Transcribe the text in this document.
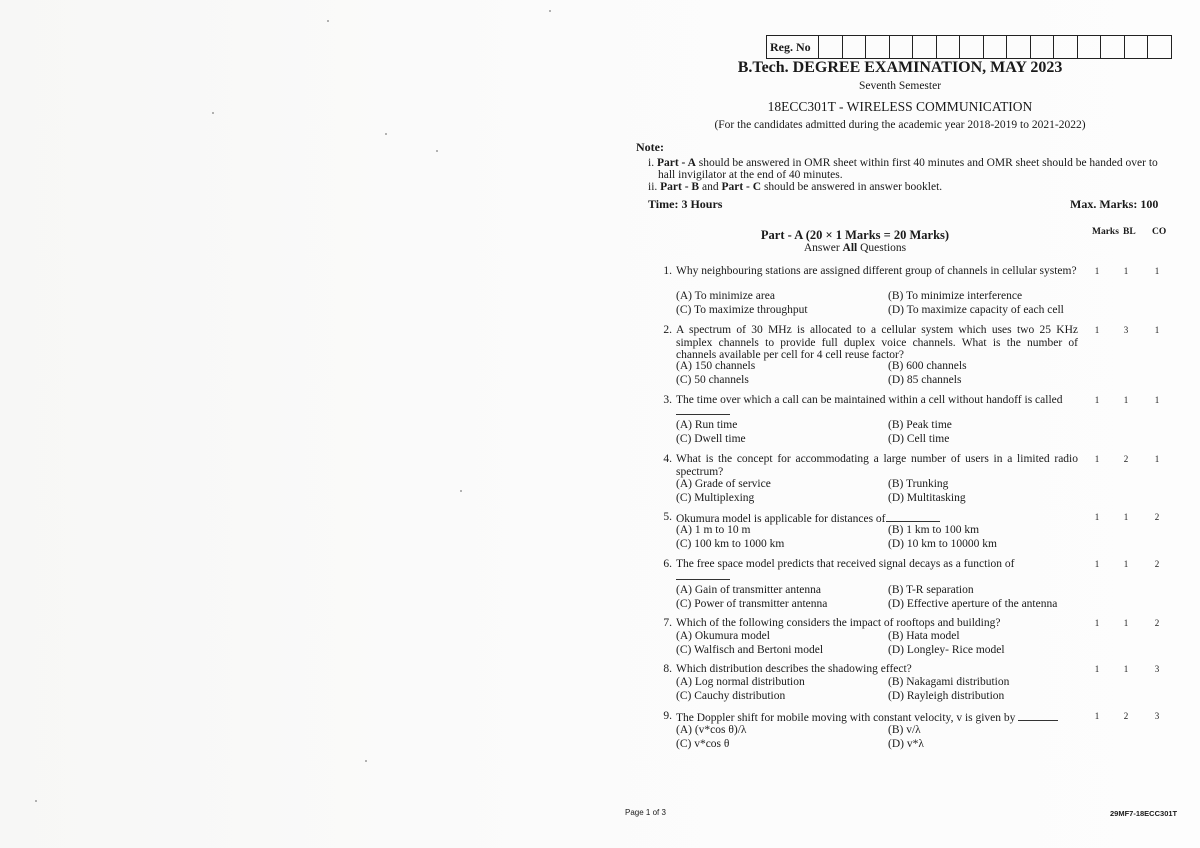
Reg. No
B.Tech. DEGREE EXAMINATION, MAY 2023
Seventh Semester
18ECC301T - WIRELESS COMMUNICATION
(For the candidates admitted during the academic year 2018-2019 to 2021-2022)
Note:
i. Part - A should be answered in OMR sheet within first 40 minutes and OMR sheet should be handed over to
hall invigilator at the end of 40 minutes.
ii. Part - B and Part - C should be answered in answer booklet.
Time: 3 Hours	Max. Marks: 100
Part - A (20 × 1 Marks = 20 Marks)
Answer All Questions
Marks BL CO
1. Why neighbouring stations are assigned different group of channels in cellular system?
(A) To minimize area	(B) To minimize interference
(C) To maximize throughput	(D) To maximize capacity of each cell
1	1	1
2. A spectrum of 30 MHz is allocated to a cellular system which uses two 25 KHz simplex channels to provide full duplex voice channels. What is the number of channels available per cell for 4 cell reuse factor?
(A) 150 channels	(B) 600 channels
(C) 50 channels	(D) 85 channels
1	3	1
3. The time over which a call can be maintained within a cell without handoff is called
(A) Run time	(B) Peak time
(C) Dwell time	(D) Cell time
1	1	1
4. What is the concept for accommodating a large number of users in a limited radio spectrum?
(A) Grade of service	(B) Trunking
(C) Multiplexing	(D) Multitasking
1	2	1
5. Okumura model is applicable for distances of
(A) 1 m to 10 m	(B) 1 km to 100 km
(C) 100 km to 1000 km	(D) 10 km to 10000 km
1	1	2
6. The free space model predicts that received signal decays as a function of
(A) Gain of transmitter antenna	(B) T-R separation
(C) Power of transmitter antenna	(D) Effective aperture of the antenna
1	1	2
7. Which of the following considers the impact of rooftops and building?
(A) Okumura model	(B) Hata model
(C) Walfisch and Bertoni model	(D) Longley- Rice model
1	1	2
8. Which distribution describes the shadowing effect?
(A) Log normal distribution	(B) Nakagami distribution
(C) Cauchy distribution	(D) Rayleigh distribution
1	1	3
9. The Doppler shift for mobile moving with constant velocity, v is given by
(A) (v*cos θ)/λ	(B) v/λ
(C) v*cos θ	(D) v*λ
1	2	3
Page 1 of 3	29MF7-18ECC301T
